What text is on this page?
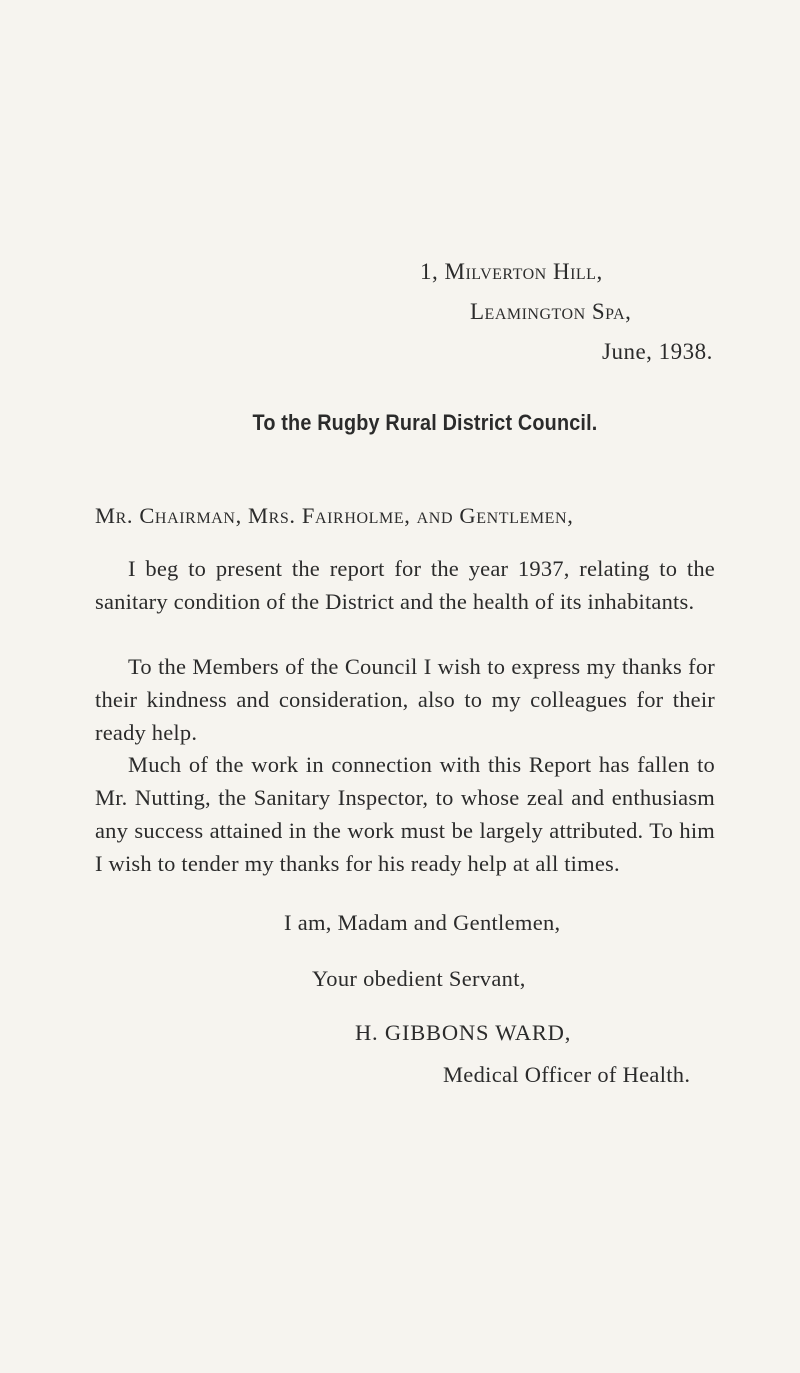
1, Milverton Hill,
Leamington Spa,
June, 1938.
To the Rugby Rural District Council.
Mr. Chairman, Mrs. Fairholme, and Gentlemen,

I beg to present the report for the year 1937, relating to the sanitary condition of the District and the health of its inhabitants.

To the Members of the Council I wish to express my thanks for their kindness and consideration, also to my colleagues for their ready help.

Much of the work in connection with this Report has fallen to Mr. Nutting, the Sanitary Inspector, to whose zeal and enthusiasm any success attained in the work must be largely attributed. To him I wish to tender my thanks for his ready help at all times.

I am, Madam and Gentlemen,
Your obedient Servant,
H. GIBBONS WARD,
Medical Officer of Health.
